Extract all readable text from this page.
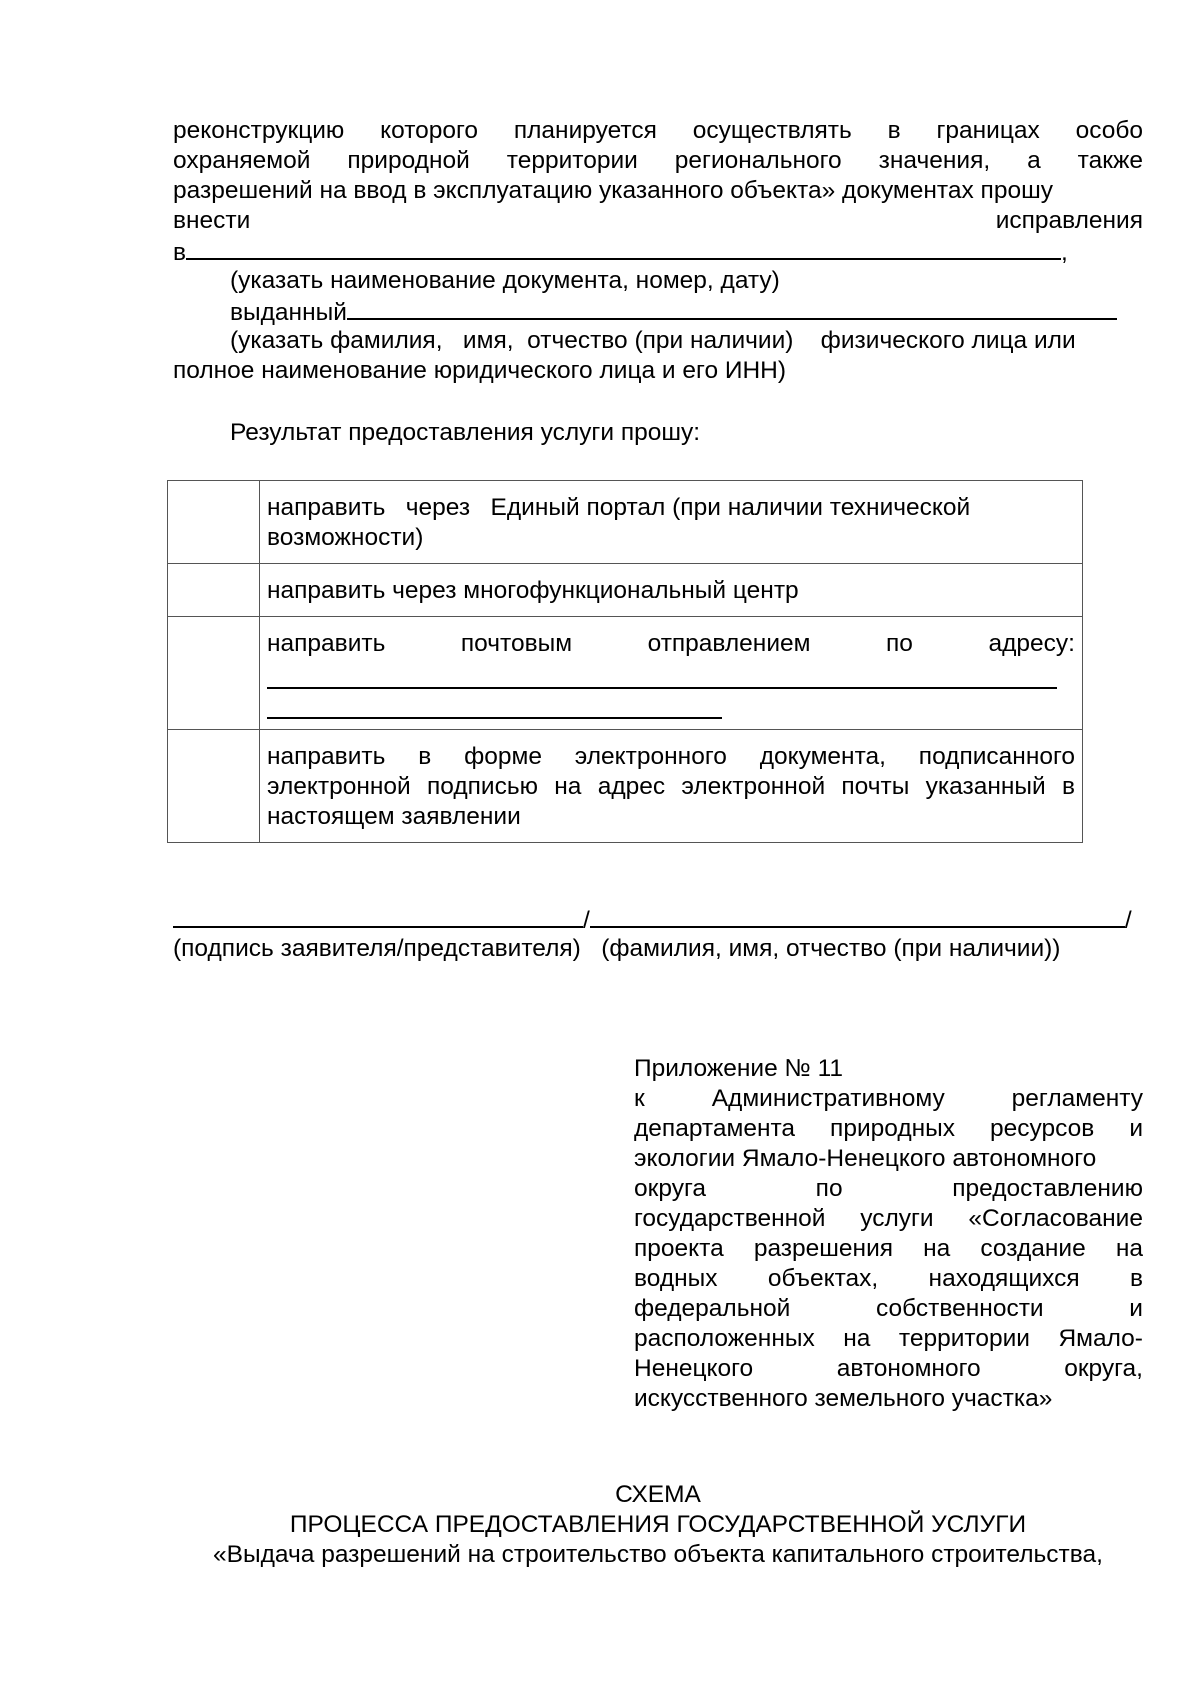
реконструкцию которого планируется осуществлять в границах особо
охраняемой природной территории регионального значения, а также
разрешений на ввод в эксплуатацию указанного объекта» документах прошу
внести	исправления
в	,
(указать наименование документа, номер, дату)
выданный
(указать фамилия,   имя,  отчество (при наличии)    физического лица или
полное наименование юридического лица и его ИНН)
Результат предоставления услуги прошу:
	направить   через   Единый портал (при наличии технической возможности)
	направить через многофункциональный центр

	направить почтовым отправлением по адресу:

	направить в форме электронного документа, подписанного электронной подписью на адрес электронной почты указанный в настоящем заявлении
/	/
(подпись заявителя/представителя)   (фамилия, имя, отчество (при наличии))
Приложение № 11
к	Административному	регламенту
департамента природных ресурсов и
экологии Ямало-Ненецкого автономного
округа	по	предоставлению
государственной услуги «Согласование
проекта разрешения на создание на
водных объектах, находящихся в
федеральной	собственности	и
расположенных на территории Ямало-
Ненецкого	автономного	округа,
искусственного земельного участка»
СХЕМА
ПРОЦЕССА ПРЕДОСТАВЛЕНИЯ ГОСУДАРСТВЕННОЙ УСЛУГИ
«Выдача разрешений на строительство объекта капитального строительства,
